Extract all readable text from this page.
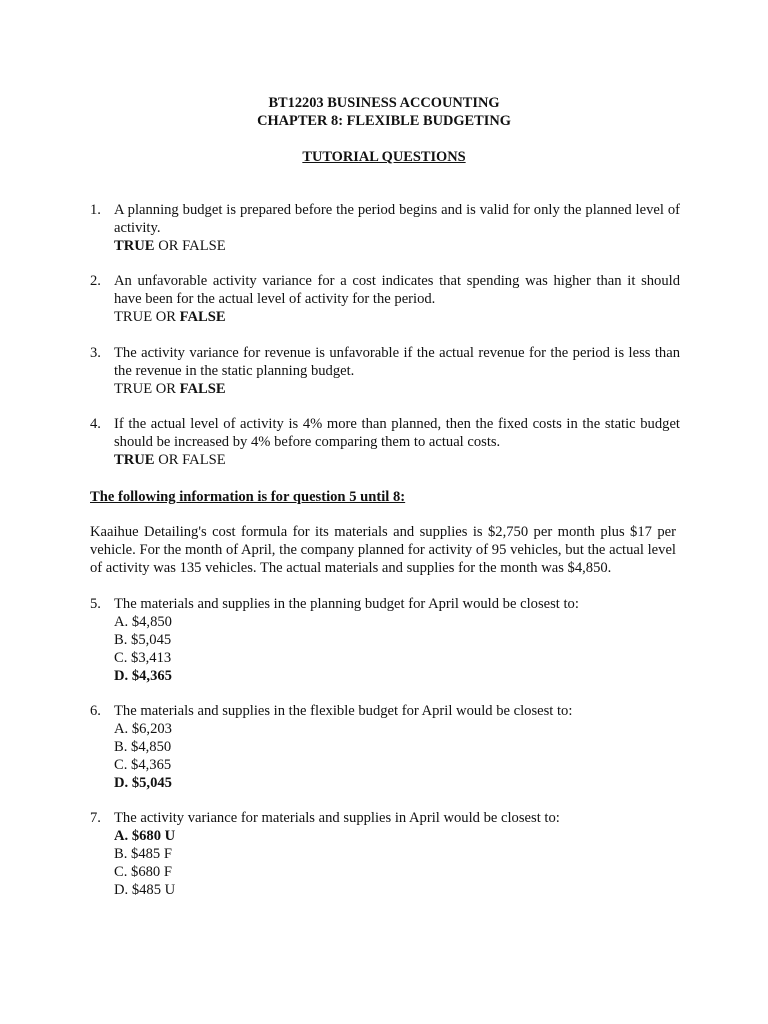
BT12203 BUSINESS ACCOUNTING
CHAPTER 8: FLEXIBLE BUDGETING
TUTORIAL QUESTIONS
1. A planning budget is prepared before the period begins and is valid for only the planned level of activity.

TRUE OR FALSE

2. An unfavorable activity variance for a cost indicates that spending was higher than it should have been for the actual level of activity for the period.

TRUE OR FALSE

3. The activity variance for revenue is unfavorable if the actual revenue for the period is less than the revenue in the static planning budget.

TRUE OR FALSE

4. If the actual level of activity is 4% more than planned, then the fixed costs in the static budget should be increased by 4% before comparing them to actual costs.

TRUE OR FALSE

The following information is for question 5 until 8:

Kaaihue Detailing's cost formula for its materials and supplies is $2,750 per month plus $17 per vehicle. For the month of April, the company planned for activity of 95 vehicles, but the actual level of activity was 135 vehicles. The actual materials and supplies for the month was $4,850.

5. The materials and supplies in the planning budget for April would be closest to:

A. $4,850
B. $5,045
C. $3,413
D. $4,365
6. The materials and supplies in the flexible budget for April would be closest to:

A. $6,203
B. $4,850
C. $4,365
D. $5,045
7. The activity variance for materials and supplies in April would be closest to:

A. $680 U
B. $485 F
C. $680 F
D. $485 U
